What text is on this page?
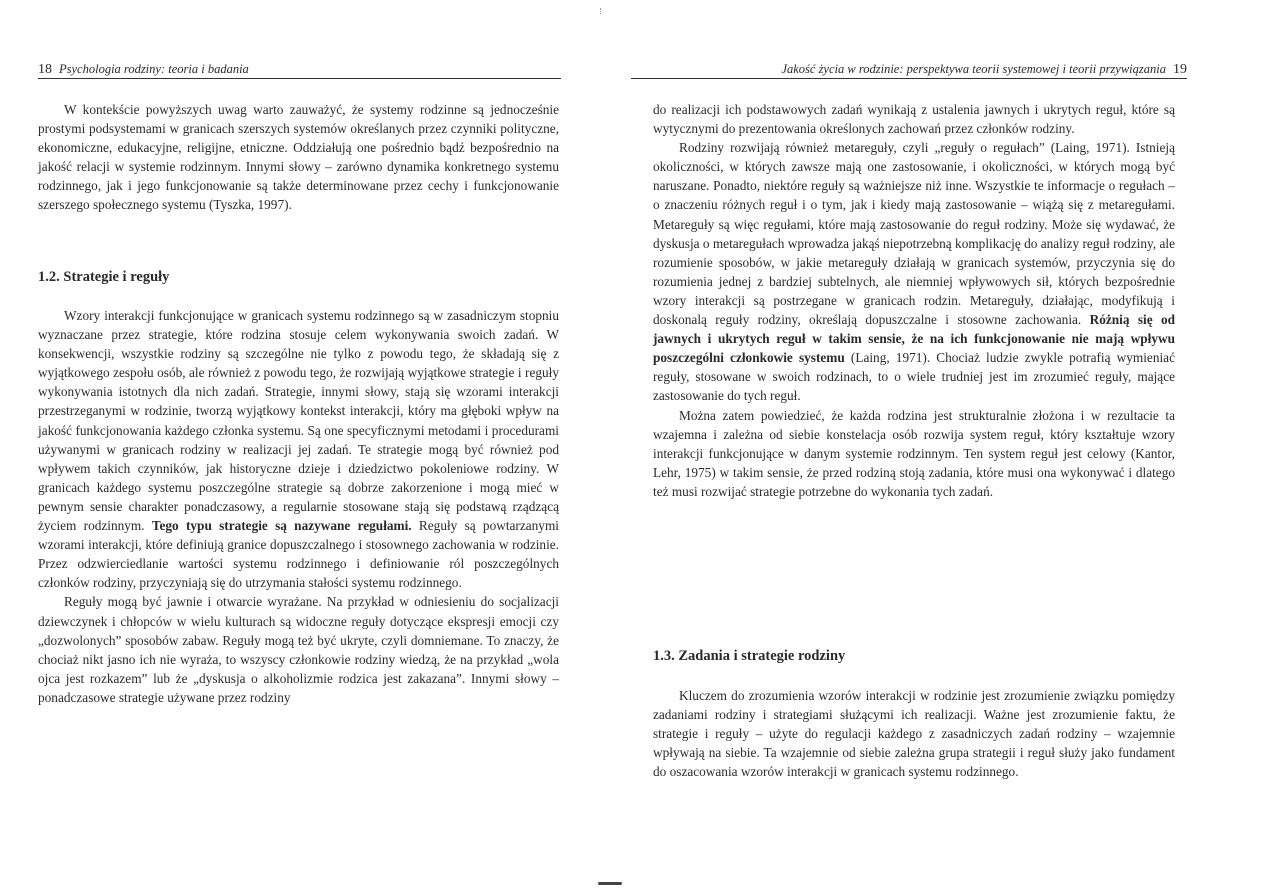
18 Psychologia rodziny: teoria i badania

W kontekście powyższych uwag warto zauważyć, że systemy rodzinne są jednocześnie prostymi podsystemami w granicach szerszych systemów określanych przez czynniki polityczne, ekonomiczne, edukacyjne, religijne, etniczne. Oddziałują one pośrednio bądź bezpośrednio na jakość relacji w systemie rodzinnym. Innymi słowy – zarówno dynamika konkretnego systemu rodzinnego, jak i jego funkcjonowanie są także determinowane przez cechy i funkcjonowanie szerszego społecznego systemu (Tyszka, 1997).

1.2. Strategie i reguły

Wzory interakcji funkcjonujące w granicach systemu rodzinnego są w zasadniczym stopniu wyznaczane przez strategie, które rodzina stosuje celem wykonywania swoich zadań. W konsekwencji, wszystkie rodziny są szczególne nie tylko z powodu tego, że składają się z wyjątkowego zespołu osób, ale również z powodu tego, że rozwijają wyjątkowe strategie i reguły wykonywania istotnych dla nich zadań. Strategie, innymi słowy, stają się wzorami interakcji przestrzeganymi w rodzinie, tworzą wyjątkowy kontekst interakcji, który ma głęboki wpływ na jakość funkcjonowania każdego członka systemu. Są one specyficznymi metodami i procedurami używanymi w granicach rodziny w realizacji jej zadań. Te strategie mogą być również pod wpływem takich czynników, jak historyczne dzieje i dziedzictwo pokoleniowe rodziny. W granicach każdego systemu poszczególne strategie są dobrze zakorzenione i mogą mieć w pewnym sensie charakter ponadczasowy, a regularnie stosowane stają się podstawą rządzącą życiem rodzinnym. Tego typu strategie są nazywane regułami. Reguły są powtarzanymi wzorami interakcji, które definiują granice dopuszczalnego i stosownego zachowania w rodzinie. Przez odzwierciedlanie wartości systemu rodzinnego i definiowanie ról poszczególnych członków rodziny, przyczyniają się do utrzymania stałości systemu rodzinnego.

Reguły mogą być jawnie i otwarcie wyrażane. Na przykład w odniesieniu do socjalizacji dziewczynek i chłopców w wielu kulturach są widoczne reguły dotyczące ekspresji emocji czy „dozwolonych” sposobów zabaw. Reguły mogą też być ukryte, czyli domniemane. To znaczy, że chociaż nikt jasno ich nie wyraża, to wszyscy członkowie rodziny wiedzą, że na przykład „wola ojca jest rozkazem” lub że „dyskusja o alkoholizmie rodzica jest zakazana”. Innymi słowy – ponadczasowe strategie używane przez rodziny

Jakość życia w rodzinie: perspektywa teorii systemowej i teorii przywiązania 19

do realizacji ich podstawowych zadań wynikają z ustalenia jawnych i ukrytych reguł, które są wytycznymi do prezentowania określonych zachowań przez członków rodziny.

Rodziny rozwijają również metareguły, czyli „reguły o regułach” (Laing, 1971). Istnieją okoliczności, w których zawsze mają one zastosowanie, i okoliczności, w których mogą być naruszane. Ponadto, niektóre reguły są ważniejsze niż inne. Wszystkie te informacje o regułach – o znaczeniu różnych reguł i o tym, jak i kiedy mają zastosowanie – wiążą się z metaregułami. Metareguły są więc regułami, które mają zastosowanie do reguł rodziny. Może się wydawać, że dyskusja o metaregułach wprowadza jakąś niepotrzebną komplikację do analizy reguł rodziny, ale rozumienie sposobów, w jakie metareguły działają w granicach systemów, przyczynia się do rozumienia jednej z bardziej subtelnych, ale niemniej wpływowych sił, których bezpośrednie wzory interakcji są postrzegane w granicach rodzin. Metareguły, działając, modyfikują i doskonalą reguły rodziny, określają dopuszczalne i stosowne zachowania. Różnią się od jawnych i ukrytych reguł w takim sensie, że na ich funkcjonowanie nie mają wpływu poszczególni członkowie systemu (Laing, 1971). Chociaż ludzie zwykle potrafią wymieniać reguły, stosowane w swoich rodzinach, to o wiele trudniej jest im zrozumieć reguły, mające zastosowanie do tych reguł.

Można zatem powiedzieć, że każda rodzina jest strukturalnie złożona i w rezultacie ta wzajemna i zależna od siebie konstelacja osób rozwija system reguł, który kształtuje wzory interakcji funkcjonujące w danym systemie rodzinnym. Ten system reguł jest celowy (Kantor, Lehr, 1975) w takim sensie, że przed rodziną stoją zadania, które musi ona wykonywać i dlatego też musi rozwijać strategie potrzebne do wykonania tych zadań.

1.3. Zadania i strategie rodziny

Kluczem do zrozumienia wzorów interakcji w rodzinie jest zrozumienie związku pomiędzy zadaniami rodziny i strategiami służącymi ich realizacji. Ważne jest zrozumienie faktu, że strategie i reguły – użyte do regulacji każdego z zasadniczych zadań rodziny – wzajemnie wpływają na siebie. Ta wzajemnie od siebie zależna grupa strategii i reguł służy jako fundament do oszacowania wzorów interakcji w granicach systemu rodzinnego.
